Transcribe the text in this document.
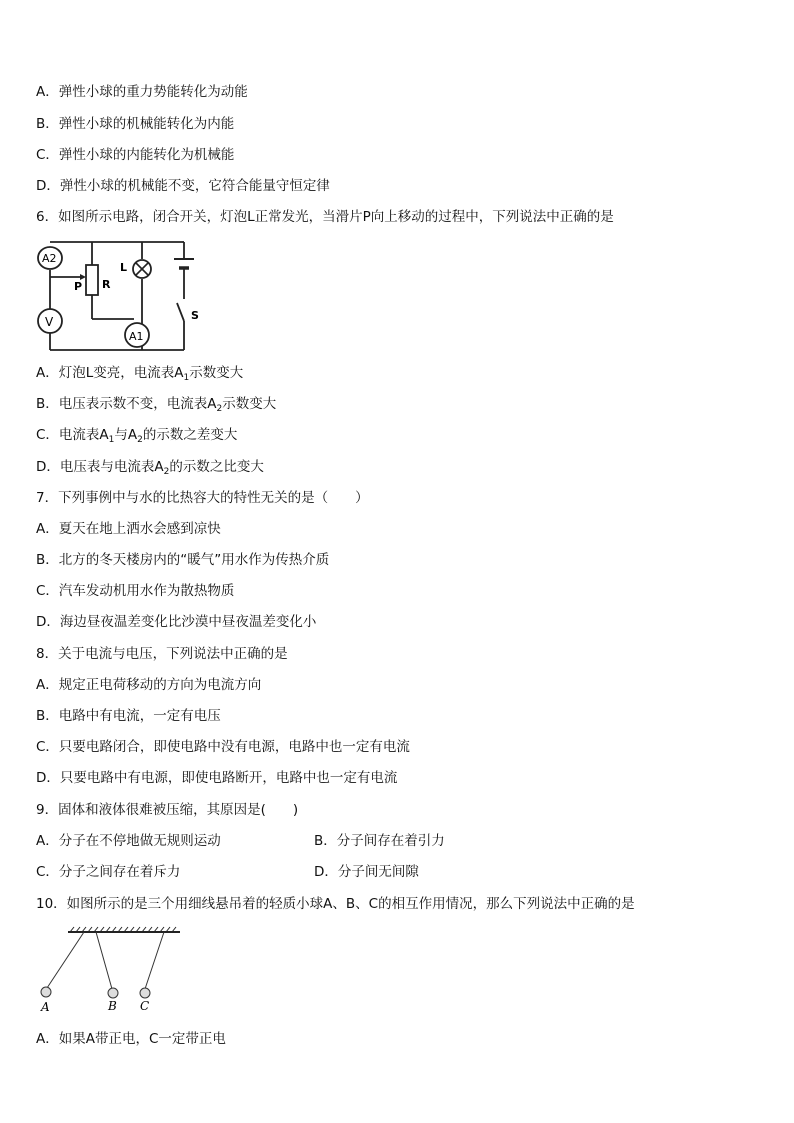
A．弹性小球的重力势能转化为动能
B．弹性小球的机械能转化为内能
C．弹性小球的内能转化为机械能
D．弹性小球的机械能不变，它符合能量守恒定律
6．如图所示电路，闭合开关，灯泡L正常发光，当滑片P向上移动的过程中，下列说法中正确的是
A2
V
P R
L
A1
S
A．灯泡L变亮，电流表$A_1$示数变大
B．电压表示数不变，电流表$A_2$示数变大
C．电流表$A_1$与$A_2$的示数之差变大
D．电压表与电流表$A_2$的示数之比变大
7．下列事例中与水的比热容大的特性无关的是（　　）
A．夏天在地上洒水会感到凉快
B．北方的冬天楼房内的“暖气”用水作为传热介质
C．汽车发动机用水作为散热物质
D．海边昼夜温差变化比沙漠中昼夜温差变化小
8．关于电流与电压，下列说法中正确的是
A．规定正电荷移动的方向为电流方向
B．电路中有电流，一定有电压
C．只要电路闭合，即使电路中没有电源，电路中也一定有电流
D．只要电路中有电源，即使电路断开，电路中也一定有电流
9．固体和液体很难被压缩，其原因是(　　)
A．分子在不停地做无规则运动	B．分子间存在着引力
C．分子之间存在着斥力	D．分子间无间隙
10．如图所示的是三个用细线悬吊着的轻质小球A、B、C的相互作用情况，那么下列说法中正确的是
A	B C
A．如果A带正电，C一定带正电
